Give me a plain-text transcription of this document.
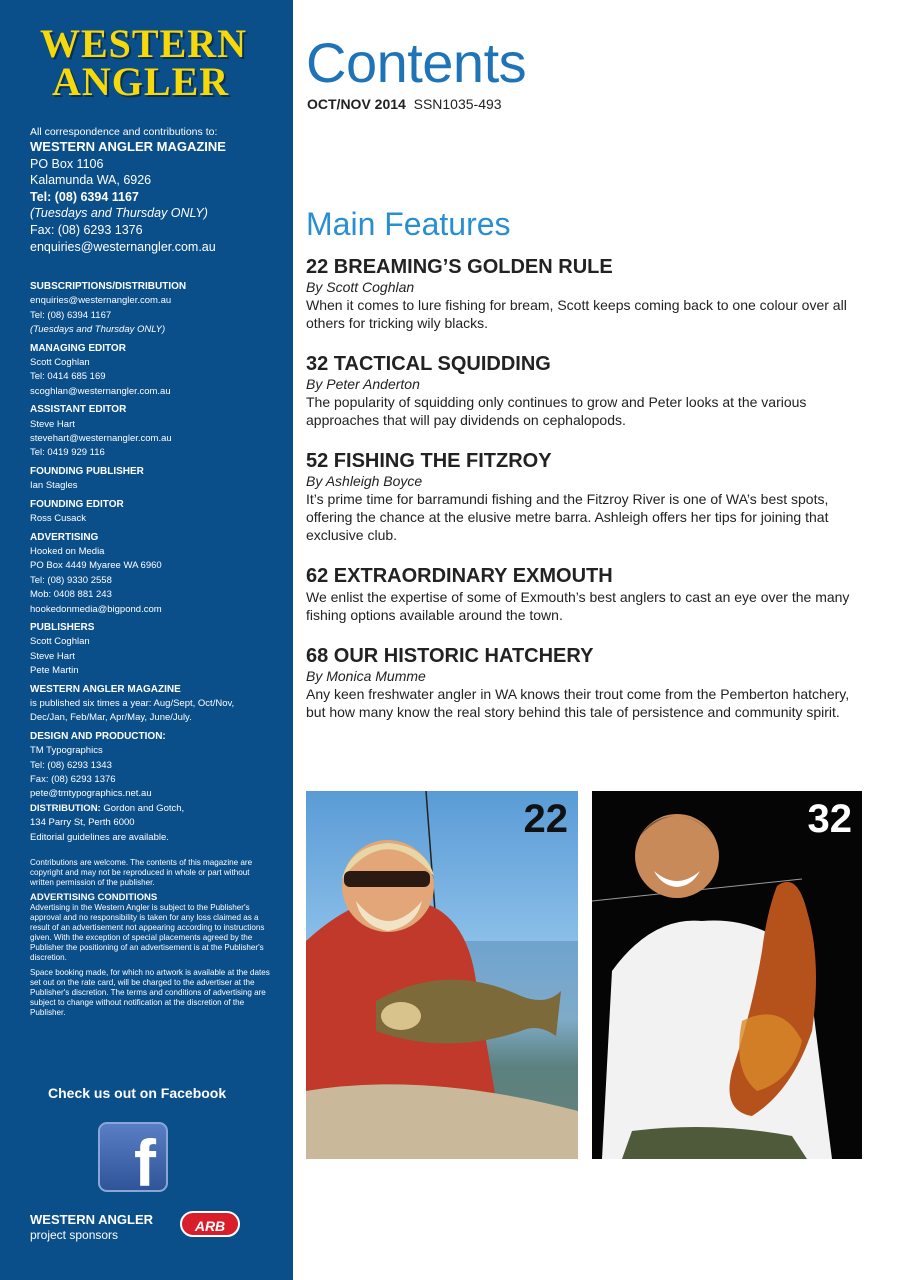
WESTERN
ANGLER
All correspondence and contributions to:
WESTERN ANGLER MAGAZINE
PO Box 1106
Kalamunda WA, 6926
Tel: (08) 6394 1167
(Tuesdays and Thursday ONLY)
Fax: (08) 6293 1376
enquiries@westernangler.com.au
SUBSCRIPTIONS/DISTRIBUTION
enquiries@westernangler.com.au
Tel: (08) 6394 1167
(Tuesdays and Thursday ONLY)
MANAGING EDITOR
Scott Coghlan
Tel: 0414 685 169
scoghlan@westernangler.com.au
ASSISTANT EDITOR
Steve Hart
stevehart@westernangler.com.au
Tel: 0419 929 116
FOUNDING PUBLISHER
Ian Stagles
FOUNDING EDITOR
Ross Cusack
ADVERTISING
Hooked on Media
PO Box 4449 Myaree WA 6960
Tel: (08) 9330 2558
Mob: 0408 881 243
hookedonmedia@bigpond.com
PUBLISHERS
Scott Coghlan
Steve Hart
Pete Martin
WESTERN ANGLER MAGAZINE
is published six times a year: Aug/Sept, Oct/Nov,
Dec/Jan, Feb/Mar, Apr/May, June/July.
DESIGN AND PRODUCTION:
TM Typographics
Tel: (08) 6293 1343
Fax: (08) 6293 1376
pete@tmtypographics.net.au
DISTRIBUTION: Gordon and Gotch,
134 Parry St, Perth 6000
Editorial guidelines are available.

Contributions are welcome. The contents of this magazine are copyright and may not be reproduced in whole or part without written permission of the publisher.

ADVERTISING CONDITIONS

Advertising in the Western Angler is subject to the Publisher's approval and no responsibility is taken for any loss claimed as a result of an advertisement not appearing according to instructions given. With the exception of special placements agreed by the Publisher the positioning of an advertisement is at the Publisher's discretion.

Space booking made, for which no artwork is available at the dates set out on the rate card, will be charged to the advertiser at the Publisher's discretion. The terms and conditions of advertising are subject to change without notification at the discretion of the Publisher.

Check us out on Facebook
f
WESTERN ANGLER
project sponsors
ARB
Contents
OCT/NOV 2014 SSN1035-493
Main Features
22 BREAMING’S GOLDEN RULE
By Scott Coghlan
When it comes to lure fishing for bream, Scott keeps coming back to one colour over all others for tricking wily blacks.
32 TACTICAL SQUIDDING
By Peter Anderton
The popularity of squidding only continues to grow and Peter looks at the various approaches that will pay dividends on cephalopods.
52 FISHING THE FITZROY
By Ashleigh Boyce
It’s prime time for barramundi fishing and the Fitzroy River is one of WA’s best spots, offering the chance at the elusive metre barra. Ashleigh offers her tips for joining that exclusive club.
62 EXTRAORDINARY EXMOUTH
We enlist the expertise of some of Exmouth’s best anglers to cast an eye over the many fishing options available around the town.
68 OUR HISTORIC HATCHERY
By Monica Mumme
Any keen freshwater angler in WA knows their trout come from the Pemberton hatchery, but how many know the real story behind this tale of persistence and community spirit.
22	32
